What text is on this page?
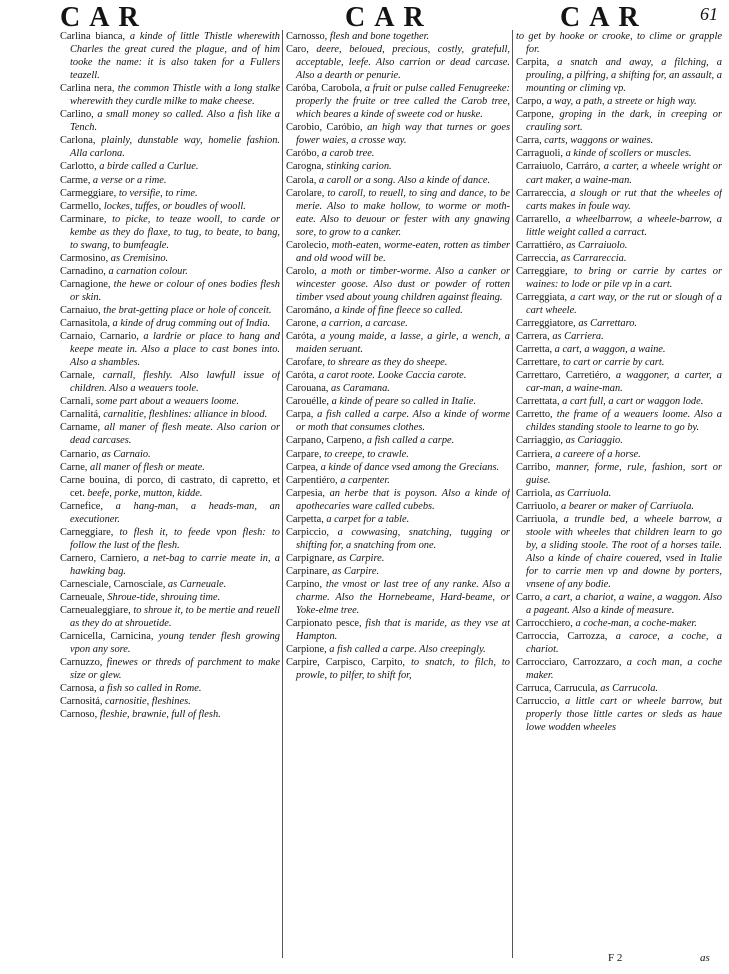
CAR	CAR	CAR	61

Carlina bianca, a kinde of little Thistle wherewith Charles the great cured the plague, and of him tooke the name: it is also taken for a Fullers teazell.

Carlina nera, the common Thistle with a long stalke wherewith they curdle milke to make cheese.

Carlino, a small money so called. Also a fish like a Tench.

Carlona, plainly, dunstable way, homelie fashion. Alla carlona.

Carlotto, a birde called a Curlue.

Carme, a verse or a rime.

Carmeggiare, to versifie, to rime.

Carmello, lockes, tuffes, or boudles of wooll.

Carminare, to picke, to teaze wooll, to carde or kembe as they do flaxe, to tug, to beate, to bang, to swang, to bumfeagle.

Carmosino, as Cremisino.

Carnadino, a carnation colour.

Carnagione, the hewe or colour of ones bodies flesh or skin.

Carnaiuo, the brat-getting place or hole of conceit.

Carnasitola, a kinde of drug comming out of India.

Carnaio, Carnario, a lardrie or place to hang and keepe meate in. Also a place to cast bones into. Also a shambles.

Carnale, carnall, fleshly. Also lawfull issue of children. Also a weauers toole.

Carnali, some part about a weauers loome.

Carnalitá, carnalitie, fleshlines: alliance in blood.

Carname, all maner of flesh meate. Also carion or dead carcases.

Carnario, as Carnaio.

Carne, all maner of flesh or meate.

Carne bouina, di porco, di castrato, di capretto, et cet. beefe, porke, mutton, kidde.

Carnefice, a hang-man, a heads-man, an executioner.

Carneggiare, to flesh it, to feede vpon flesh: to follow the lust of the flesh.

Carnero, Carniero, a net-bag to carrie meate in, a hawking bag.

Carnesciale, Carnosciale, as Carneuale.

Carneuale, Shroue-tide, shrouing time.

Carneualeggiare, to shroue it, to be mertie and reuell as they do at shrouetide.

Carnicella, Carnicina, young tender flesh growing vpon any sore.

Carnuzzo, finewes or threds of parchment to make size or glew.

Carnosa, a fish so called in Rome.

Carnositá, carnositie, fleshines.

Carnoso, fleshie, brawnie, full of flesh.

Carnosso, flesh and bone together.

Caro, deere, beloued, precious, costly, gratefull, acceptable, leefe. Also carrion or dead carcase. Also a dearth or penurie.

Caróba, Carobola, a fruit or pulse called Fenugreeke: properly the fruite or tree called the Carob tree, which beares a kinde of sweete cod or huske.

Carobio, Caróbio, an high way that turnes or goes fower waies, a crosse way.

Caróbo, a carob tree.

Carogna, stinking carion.

Carola, a caroll or a song. Also a kinde of dance.

Carolare, to caroll, to reuell, to sing and dance, to be merie. Also to make hollow, to worme or moth-eate. Also to deuour or fester with any gnawing sore, to grow to a canker.

Carolecio, moth-eaten, worme-eaten, rotten as timber and old wood will be.

Carolo, a moth or timber-worme. Also a canker or wincester goose. Also dust or powder of rotten timber vsed about young children against fleaing.

Carománo, a kinde of fine fleece so called.

Carone, a carrion, a carcase.

Caróta, a young maide, a lasse, a girle, a wench, a maiden seruant.

Carofare, to shreare as they do sheepe.

Caróta, a carot roote. Looke Caccia carote.

Carouana, as Caramana.

Carouélle, a kinde of peare so called in Italie.

Carpa, a fish called a carpe. Also a kinde of worme or moth that consumes clothes.

Carpano, Carpeno, a fish called a carpe.

Carpare, to creepe, to crawle.

Carpea, a kinde of dance vsed among the Grecians.

Carpentiéro, a carpenter.

Carpesia, an herbe that is poyson. Also a kinde of apothecaries ware called cubebs.

Carpetta, a carpet for a table.

Carpiccio, a cowwasing, snatching, tugging or shifting for, a snatching from one.

Carpignare, as Carpire.

Carpinare, as Carpire.

Carpino, the vmost or last tree of any ranke. Also a charme. Also the Hornebeame, Hard-beame, or Yoke-elme tree.

Carpionato pesce, fish that is maride, as they vse at Hampton.

Carpione, a fish called a carpe. Also creepingly.

Carpire, Carpisco, Carpito, to snatch, to filch, to prowle, to pilfer, to shift for,

to get by hooke or crooke, to clime or grapple for.

Carpita, a snatch and away, a filching, a prouling, a pilfring, a shifting for, an assault, a mounting or climing vp.

Carpo, a way, a path, a streete or high way.

Carpone, groping in the dark, in creeping or crauling sort.

Carra, carts, waggons or waines.

Carraguoli, a kinde of scollers or muscles.

Carraiuolo, Carráro, a carter, a wheele wright or cart maker, a waine-man.

Carrareccia, a slough or rut that the wheeles of carts makes in foule way.

Carrarello, a wheelbarrow, a wheele-barrow, a little weight called a carract.

Carrattiéro, as Carraiuolo.

Carreccia, as Carrareccia.

Carreggiare, to bring or carrie by cartes or waines: to lode or pile vp in a cart.

Carreggiata, a cart way, or the rut or slough of a cart wheele.

Carreggiatore, as Carrettaro.

Carrera, as Carriera.

Carretta, a cart, a waggon, a waine.

Carrettare, to cart or carrie by cart.

Carrettaro, Carretiéro, a waggoner, a carter, a car-man, a waine-man.

Carrettata, a cart full, a cart or waggon lode.

Carretto, the frame of a weauers loome. Also a childes standing stoole to learne to go by.

Carriaggio, as Cariaggio.

Carriera, a careere of a horse.

Carribo, manner, forme, rule, fashion, sort or guise.

Carriola, as Carriuola.

Carriuolo, a bearer or maker of Carriuola.

Carriuola, a trundle bed, a wheele barrow, a stoole with wheeles that children learn to go by, a sliding stoole. The root of a horses taile. Also a kinde of chaire couered, vsed in Italie for to carrie men vp and downe by porters, vnsene of any bodie.

Carro, a cart, a chariot, a waine, a waggon. Also a pageant. Also a kinde of measure.

Carrocchiero, a coche-man, a coche-maker.

Carroccia, Carrozza, a caroce, a coche, a chariot.

Carrocciaro, Carrozzaro, a coch man, a coche maker.

Carruca, Carrucula, as Carrucola.

Carruccio, a little cart or wheele barrow, but properly those little cartes or sleds as haue lowe wodden wheeles

F 2	as
